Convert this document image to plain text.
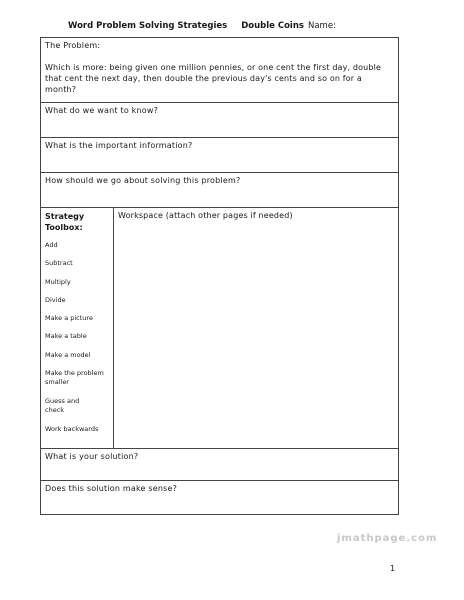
Word Problem Solving Strategies Double Coins Name:
The Problem:
Which is more: being given one million pennies, or one cent the first day, double that cent the next day, then double the previous day's cents and so on for a month?
What do we want to know?
What is the important information?
How should we go about solving this problem?
Strategy Toolbox:
Add
Subtract
Multiply
Divide
Make a picture
Make a table
Make a model
Make the problem smaller
Guess and check
Work backwards
Workspace (attach other pages if needed)
What is your solution?
Does this solution make sense?
jmathpage.com
1
